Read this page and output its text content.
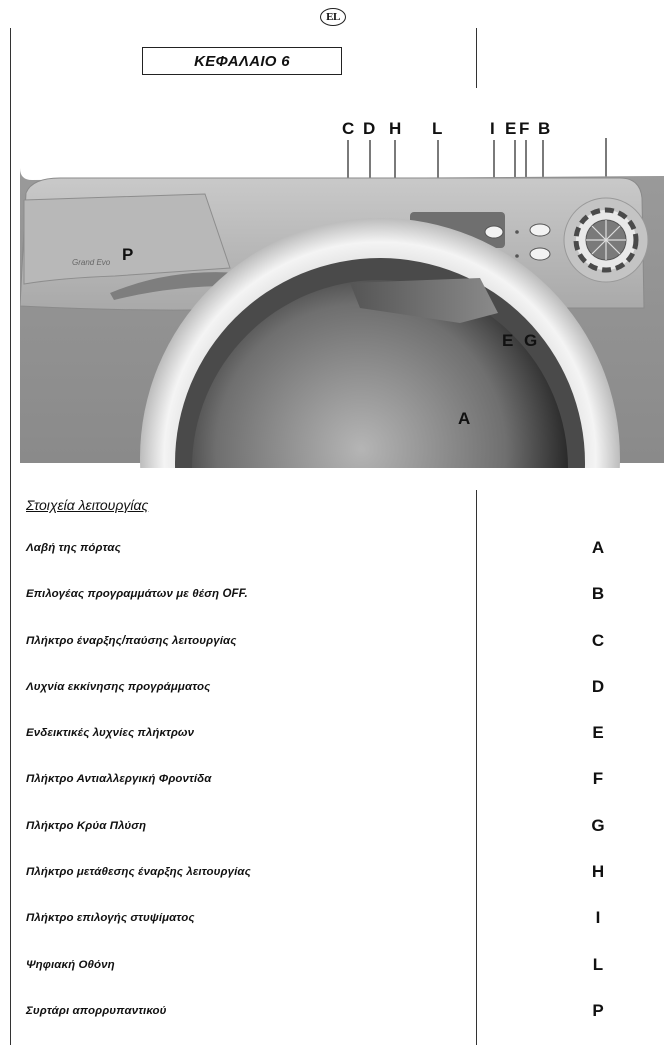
EL
ΚΕΦΑΛΑΙΟ 6
C D H L	I E F B
P
Grand Evo
E G
A
Στοιχεία λειτουργίας
Λαβή της πόρτας	A
Επιλογέας προγραμμάτων με θέση OFF.	B
Πλήκτρο έναρξης/παύσης λειτουργίας	C
Λυχνία εκκίνησης προγράμματος	D
Ενδεικτικές λυχνίες πλήκτρων	E
Πλήκτρο Αντιαλλεργική Φροντίδα	F
Πλήκτρο Κρύα Πλύση	G
Πλήκτρο μετάθεσης έναρξης λειτουργίας	H
Πλήκτρο επιλογής στυψίματος	I
Ψηφιακή Οθόνη	L
Συρτάρι απορρυπαντικού	P
